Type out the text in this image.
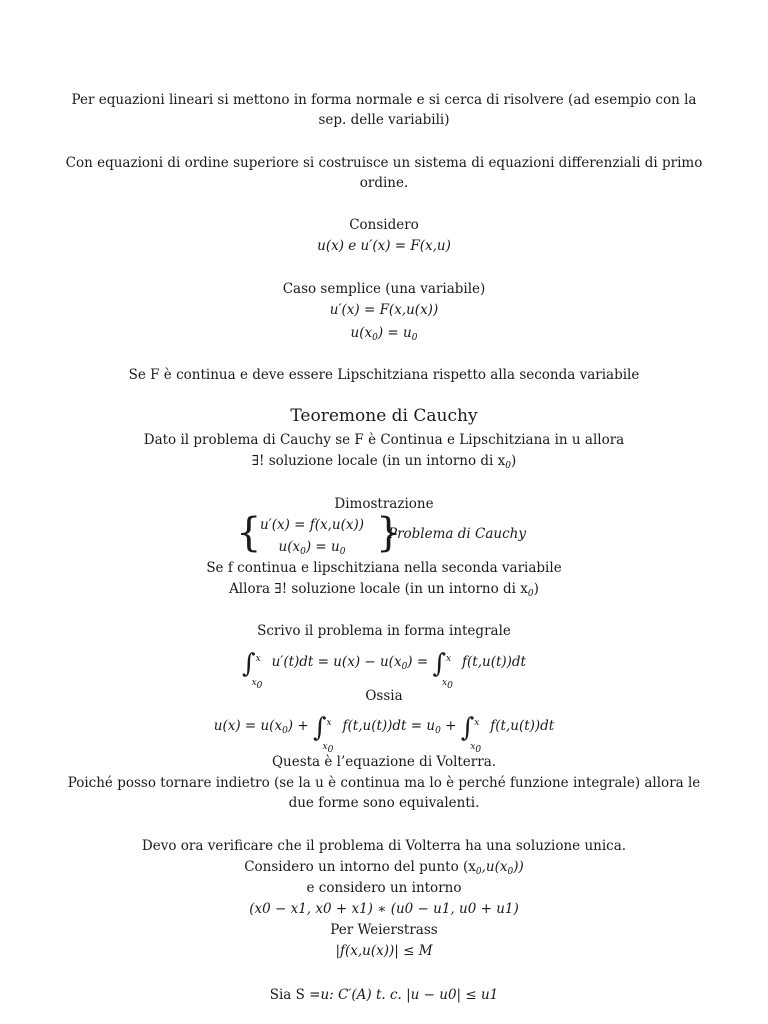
Per equazioni lineari si mettono in forma normale e si cerca di risolvere (ad esempio con la sep. delle variabili)
Con equazioni di ordine superiore si costruisce un sistema di equazioni differenziali di primo ordine.
Considero
u(x) e u′(x) = F(x,u)
Caso semplice (una variabile)
u′(x) = F(x,u(x))
$u(x_0) = u_0$
Se F è continua e deve essere Lipschitziana rispetto alla seconda variabile
Teoremone di Cauchy
Dato il problema di Cauchy se F è Continua e Lipschitziana in u allora
∃! soluzione locale (in un intorno di $x_0$)
Dimostrazione
{
u′(x) = f(x,u(x))
$u(x_0) = u_0$ }
Problema di Cauchy
Se f continua e lipschitziana nella seconda variabile
Allora ∃! soluzione locale (in un intorno di $x_0$)
Scrivo il problema in forma integrale
∫ x
$x_0$
$u'(t)dt = u(x) - u(x_0)$ = ∫ x
$x_0$
f(t,u(t))dt
Ossia
$u(x) = u(x_0)$ + ∫ x
$x_0$
$f(t,u(t))dt = u_0$ + ∫ x
$x_0$
f(t,u(t))dt
Questa è l’equazione di Volterra.
Poiché posso tornare indietro (se la u è continua ma lo è perché funzione integrale) allora le due forme sono equivalenti.
Devo ora verificare che il problema di Volterra ha una soluzione unica.
Considero un intorno del punto $(x_0,u(x_0))$
e considero un intorno
(x0 − x1, x0 + x1) ∗ (u0 − u1, u0 + u1)
Per Weierstrass
|f(x,u(x))| ≤ M
Sia S =u: C′(A) t. c. |u − u0| ≤ u1
